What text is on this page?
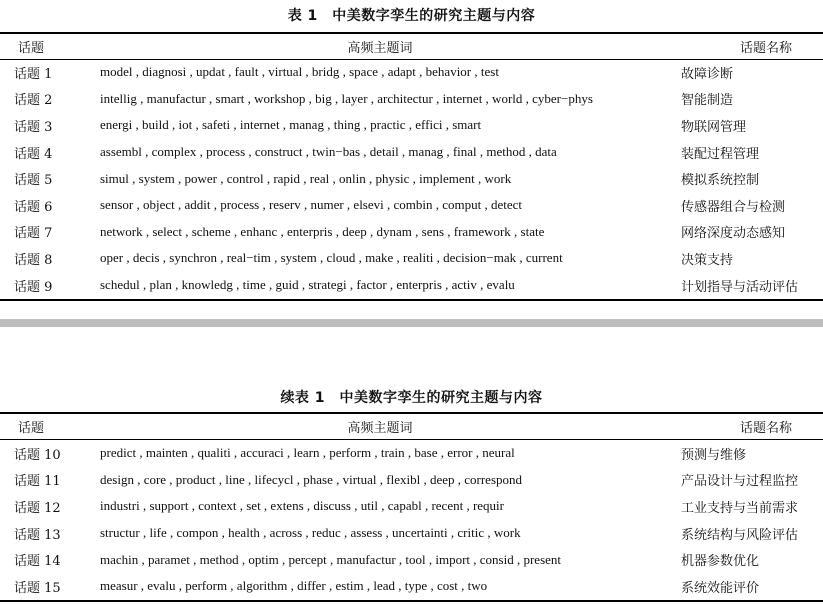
表 1　中美数字孪生的研究主题与内容
话题	高频主题词	话题名称
话题 1	model , diagnosi , updat , fault , virtual , bridg , space , adapt , behavior , test	故障诊断
话题 2	intellig , manufactur , smart , workshop , big , layer , architectur , internet , world , cyber−phys	智能制造
话题 3	energi , build , iot , safeti , internet , manag , thing , practic , effici , smart	物联网管理
话题 4	assembl , complex , process , construct , twin−bas , detail , manag , final , method , data	装配过程管理
话题 5	simul , system , power , control , rapid , real , onlin , physic , implement , work	模拟系统控制
话题 6	sensor , object , addit , process , reserv , numer , elsevi , combin , comput , detect	传感器组合与检测
话题 7	network , select , scheme , enhanc , enterpris , deep , dynam , sens , framework , state	网络深度动态感知
话题 8	oper , decis , synchron , real−tim , system , cloud , make , realiti , decision−mak , current	决策支持
话题 9	schedul , plan , knowledg , time , guid , strategi , factor , enterpris , activ , evalu	计划指导与活动评估
续表 1　中美数字孪生的研究主题与内容
话题	高频主题词	话题名称
话题 10	predict , mainten , qualiti , accuraci , learn , perform , train , base , error , neural	预测与维修
话题 11	design , core , product , line , lifecycl , phase , virtual , flexibl , deep , correspond	产品设计与过程监控
话题 12	industri , support , context , set , extens , discuss , util , capabl , recent , requir	工业支持与当前需求
话题 13	structur , life , compon , health , across , reduc , assess , uncertainti , critic , work	系统结构与风险评估
话题 14	machin , paramet , method , optim , percept , manufactur , tool , import , consid , present	机器参数优化
话题 15	measur , evalu , perform , algorithm , differ , estim , lead , type , cost , two	系统效能评价
